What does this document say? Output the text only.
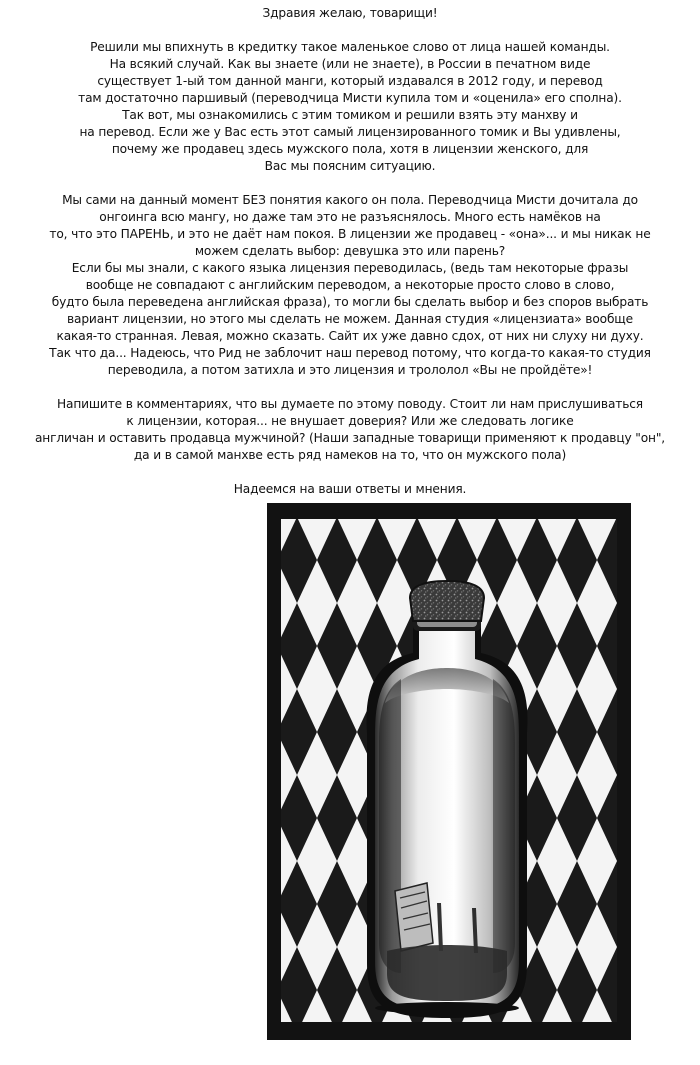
Здравия желаю, товарищи!
Решили мы впихнуть в кредитку такое маленькое слово от лица нашей команды.
На всякий случай. Как вы знаете (или не знаете), в России в печатном виде
существует 1-ый том данной манги, который издавался в 2012 году, и перевод
там достаточно паршивый (переводчица Мисти купила том и «оценила» его сполна).
Так вот, мы ознакомились с этим томиком и решили взять эту манхву и
на перевод. Если же у Вас есть этот самый лицензированного томик и Вы удивлены,
почему же продавец здесь мужского пола, хотя в лицензии женского, для
Вас мы поясним ситуацию.
Мы сами на данный момент БЕЗ понятия какого он пола. Переводчица Мисти дочитала до
онгоинга всю мангу, но даже там это не разъяснялось. Много есть намёков на
то, что это ПАРЕНЬ, и это не даёт нам покоя. В лицензии же продавец - «она»... и мы никак не
можем сделать выбор: девушка это или парень?
Если бы мы знали, с какого языка лицензия переводилась, (ведь там некоторые фразы
вообще не совпадают с английским переводом, а некоторые просто слово в слово,
будто была переведена английская фраза), то могли бы сделать выбор и без споров выбрать
вариант лицензии, но этого мы сделать не можем. Данная студия «лицензиата» вообще
какая-то странная. Левая, можно сказать. Сайт их уже давно сдох, от них ни слуху ни духу.
Так что да... Надеюсь, что Рид не заблочит наш перевод потому, что когда-то какая-то студия
переводила, а потом затихла и это лицензия и трололол «Вы не пройдёте»!
Напишите в комментариях, что вы думаете по этому поводу. Стоит ли нам прислушиваться
к лицензии, которая... не внушает доверия? Или же следовать логике
англичан и оставить продавца мужчиной? (Наши западные товарищи применяют к продавцу "он",
да и в самой манхве есть ряд намеков на то, что он мужского пола)
Надеемся на ваши ответы и мнения.
